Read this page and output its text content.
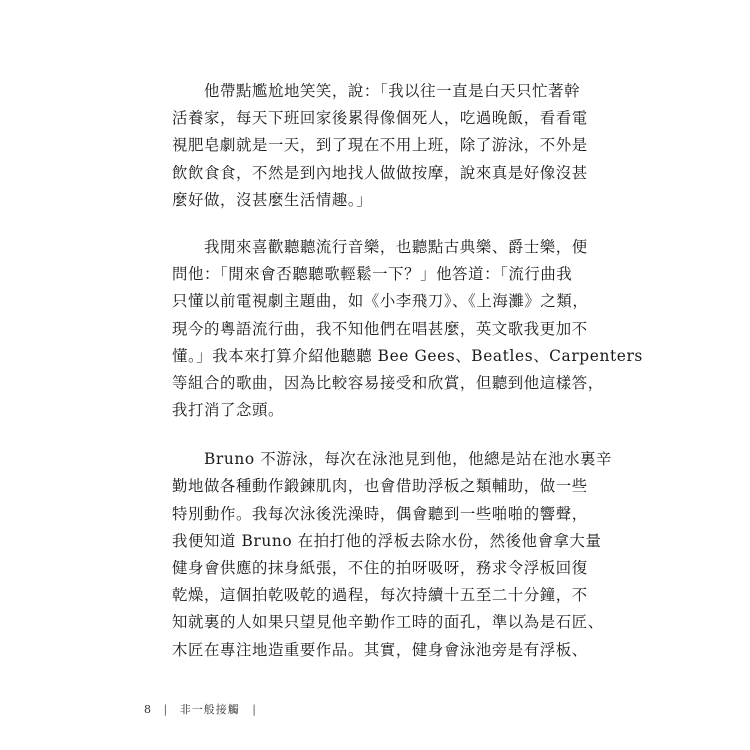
他帶點尷尬地笑笑，說：「我以往一直是白天只忙著幹
活養家，每天下班回家後累得像個死人，吃過晚飯，看看電
視肥皂劇就是一天，到了現在不用上班，除了游泳，不外是
飲飲食食，不然是到內地找人做做按摩，說來真是好像沒甚
麼好做，沒甚麼生活情趣。」

我閒來喜歡聽聽流行音樂，也聽點古典樂、爵士樂，便
問他：「閒來會否聽聽歌輕鬆一下？」他答道：「流行曲我
只懂以前電視劇主題曲，如《小李飛刀》、《上海灘》之類，
現今的粵語流行曲，我不知他們在唱甚麼，英文歌我更加不
懂。」我本來打算介紹他聽聽 Bee Gees、Beatles、Carpenters
等組合的歌曲，因為比較容易接受和欣賞，但聽到他這樣答，
我打消了念頭。

Bruno 不游泳，每次在泳池見到他，他總是站在池水裏辛
勤地做各種動作鍛鍊肌肉，也會借助浮板之類輔助，做一些
特別動作。我每次泳後洗澡時，偶會聽到一些啪啪的響聲，
我便知道 Bruno 在拍打他的浮板去除水份，然後他會拿大量
健身會供應的抹身紙張，不住的拍呀吸呀，務求令浮板回復
乾燥，這個拍乾吸乾的過程，每次持續十五至二十分鐘，不
知就裏的人如果只望見他辛勤作工時的面孔，準以為是石匠、
木匠在專注地造重要作品。其實，健身會泳池旁是有浮板、

8 | 非一般接觸 |
